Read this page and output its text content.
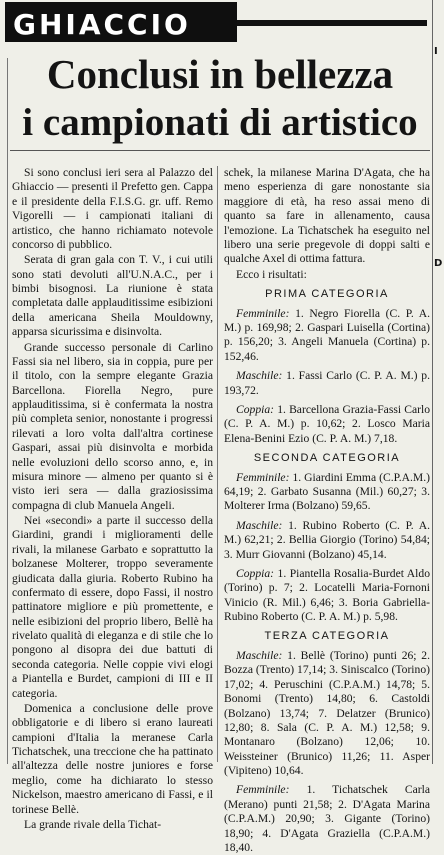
I
D
GHIACCIO
Conclusi in bellezza
i campionati di artistico

Si sono conclusi ieri sera al Palazzo del Ghiaccio — presenti il Prefetto gen. Cappa e il presidente della F.I.S.G. gr. uff. Remo Vigorelli — i campionati italiani di artistico, che hanno richiamato notevole concorso di pubblico.

Serata di gran gala con T. V., i cui utili sono stati devoluti all'U.N.A.C., per i bimbi bisognosi. La riunione è stata completata dalle applauditissime esibizioni della americana Sheila Mouldowny, apparsa sicurissima e disinvolta.

Grande successo personale di Carlino Fassi sia nel libero, sia in coppia, pure per il titolo, con la sempre elegante Grazia Barcellona. Fiorella Negro, pure applauditissima, si è confermata la nostra più completa senior, nonostante i progressi rilevati a loro volta dall'altra cortinese Gaspari, assai più disinvolta e morbida nelle evoluzioni dello scorso anno, e, in misura minore — almeno per quanto si è visto ieri sera — dalla graziosissima compagna di club Manuela Angeli.

Nei «secondi» a parte il successo della Giardini, grandi i miglioramenti delle rivali, la milanese Garbato e soprattutto la bolzanese Molterer, troppo severamente giudicata dalla giuria. Roberto Rubino ha confermato di essere, dopo Fassi, il nostro pattinatore migliore e più promettente, e nelle esibizioni del proprio libero, Bellè ha rivelato qualità di eleganza e di stile che lo pongono al disopra dei due battuti di seconda categoria. Nelle coppie vivi elogi a Piantella e Burdet, campioni di III e II categoria.

Domenica a conclusione delle prove obbligatorie e di libero si erano laureati campioni d'Italia la meranese Carla Tichatschek, una treccione che ha pattinato all'altezza delle nostre juniores e forse meglio, come ha dichiarato lo stesso Nickelson, maestro americano di Fassi, e il torinese Bellè.

La grande rivale della Tichat-

schek, la milanese Marina D'Agata, che ha meno esperienza di gare nonostante sia maggiore di età, ha reso assai meno di quanto sa fare in allenamento, causa l'emozione. La Tichatschek ha eseguito nel libero una serie pregevole di doppi salti e qualche Axel di ottima fattura.

Ecco i risultati:

PRIMA CATEGORIA

Femminile: 1. Negro Fiorella (C. P. A. M.) p. 169,98; 2. Gaspari Luisella (Cortina) p. 156,20; 3. Angeli Manuela (Cortina) p. 152,46.

Maschile: 1. Fassi Carlo (C. P. A. M.) p. 193,72.

Coppia: 1. Barcellona Grazia-Fassi Carlo (C. P. A. M.) p. 10,62; 2. Losco Maria Elena-Benini Ezio (C. P. A. M.) 7,18.

SECONDA CATEGORIA

Femminile: 1. Giardini Emma (C.P.A.M.) 64,19; 2. Garbato Susanna (Mil.) 60,27; 3. Molterer Irma (Bolzano) 59,65.

Maschile: 1. Rubino Roberto (C. P. A. M.) 62,21; 2. Bellia Giorgio (Torino) 54,84; 3. Murr Giovanni (Bolzano) 45,14.

Coppia: 1. Piantella Rosalia-Burdet Aldo (Torino) p. 7; 2. Locatelli Maria-Fornoni Vinicio (R. Mil.) 6,46; 3. Boria Gabriella-Rubino Roberto (C. P. A. M.) p. 5,98.

TERZA CATEGORIA

Maschile: 1. Bellè (Torino) punti 26; 2. Bozza (Trento) 17,14; 3. Siniscalco (Torino) 17,02; 4. Peruschini (C.P.A.M.) 14,78; 5. Bonomi (Trento) 14,80; 6. Castoldi (Bolzano) 13,74; 7. Delatzer (Brunico) 12,80; 8. Sala (C. P. A. M.) 12,58; 9. Montanaro (Bolzano) 12,06; 10. Weissteiner (Brunico) 11,26; 11. Asper (Vipiteno) 10,64.

Femminile: 1. Tichatschek Carla (Merano) punti 21,58; 2. D'Agata Marina (C.P.A.M.) 20,90; 3. Gigante (Torino) 18,90; 4. D'Agata Graziella (C.P.A.M.) 18,40.
